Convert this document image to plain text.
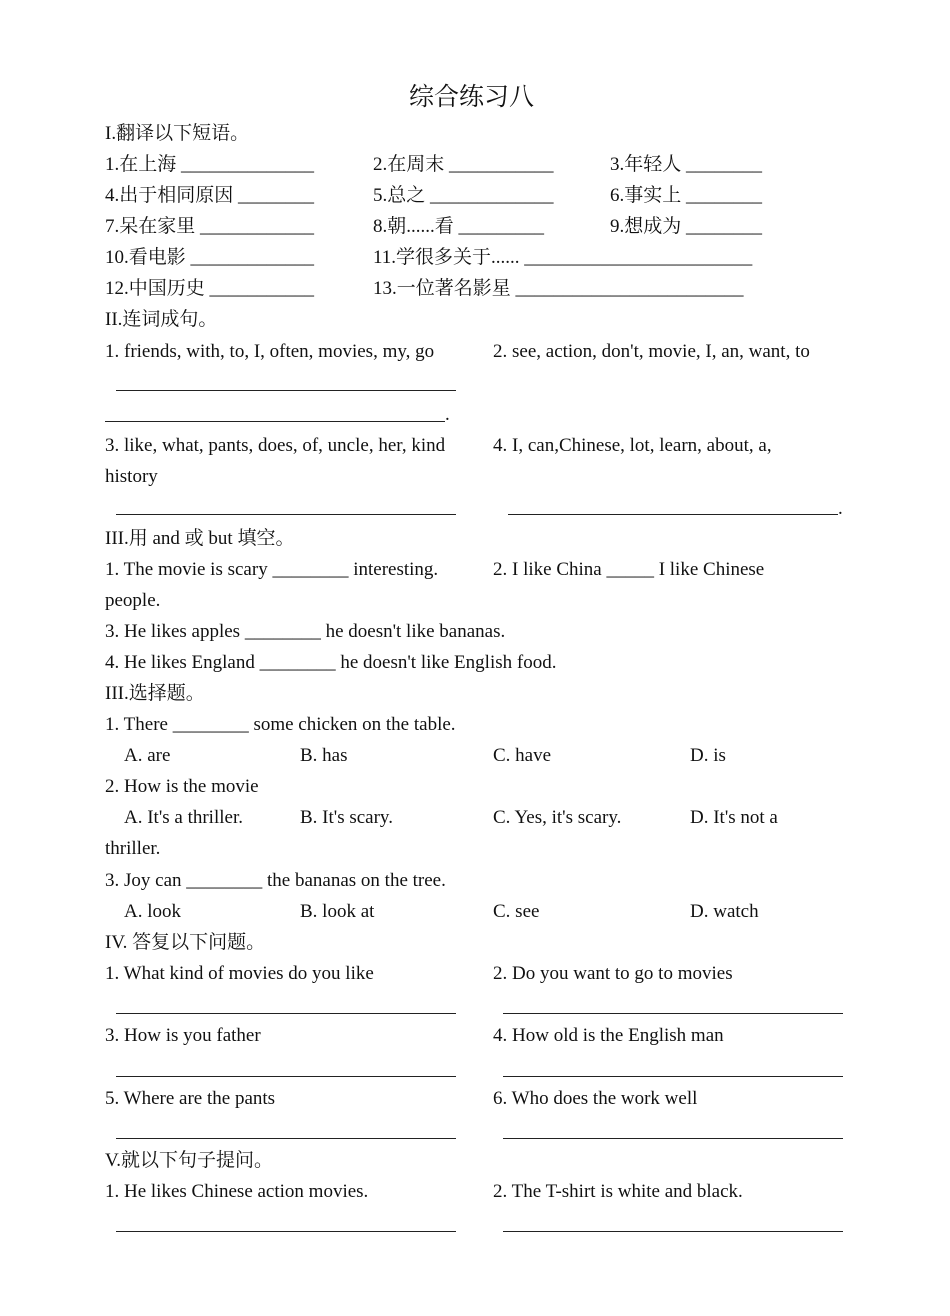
综合练习八
I.翻译以下短语。
1.在上海 ______________	2.在周末 ___________	3.年轻人 ________
4.出于相同原因 ________	5.总之 _____________	6.事实上 ________
7.呆在家里 ____________	8.朝......看 _________	9.想成为 ________
10.看电影 _____________	11.学很多关于...... ________________________
12.中国历史 ___________	13.一位著名影星 ________________________
II.连词成句。
1. friends, with, to, I, often, movies, my, go	2. see, action, don't, movie, I, an, want, to
.
3. like, what, pants, does, of, uncle, her, kind
history
4. I, can,Chinese, lot, learn, about, a,
.
III.用 and 或 but 填空。
1. The movie is scary ________ interesting.	2. I like China _____ I like Chinese
people.
3. He likes apples ________ he doesn't like bananas.
4. He likes England ________ he doesn't like English food.
III.选择题。
1. There ________ some chicken on the table.
A. are	B. has	C. have	D. is
2. How is the movie
A. It's a thriller.	B. It's scary.	C. Yes, it's scary.	D. It's not a
thriller.
3. Joy can ________ the bananas on the tree.
A. look	B. look at	C. see	D. watch
IV. 答复以下问题。
1. What kind of movies do you like	2. Do you want to go to movies
3. How is you father	4. How old is the English man
5. Where are the pants	6. Who does the work well
V.就以下句子提问。
1. He likes Chinese action movies.	2. The T-shirt is white and black.
